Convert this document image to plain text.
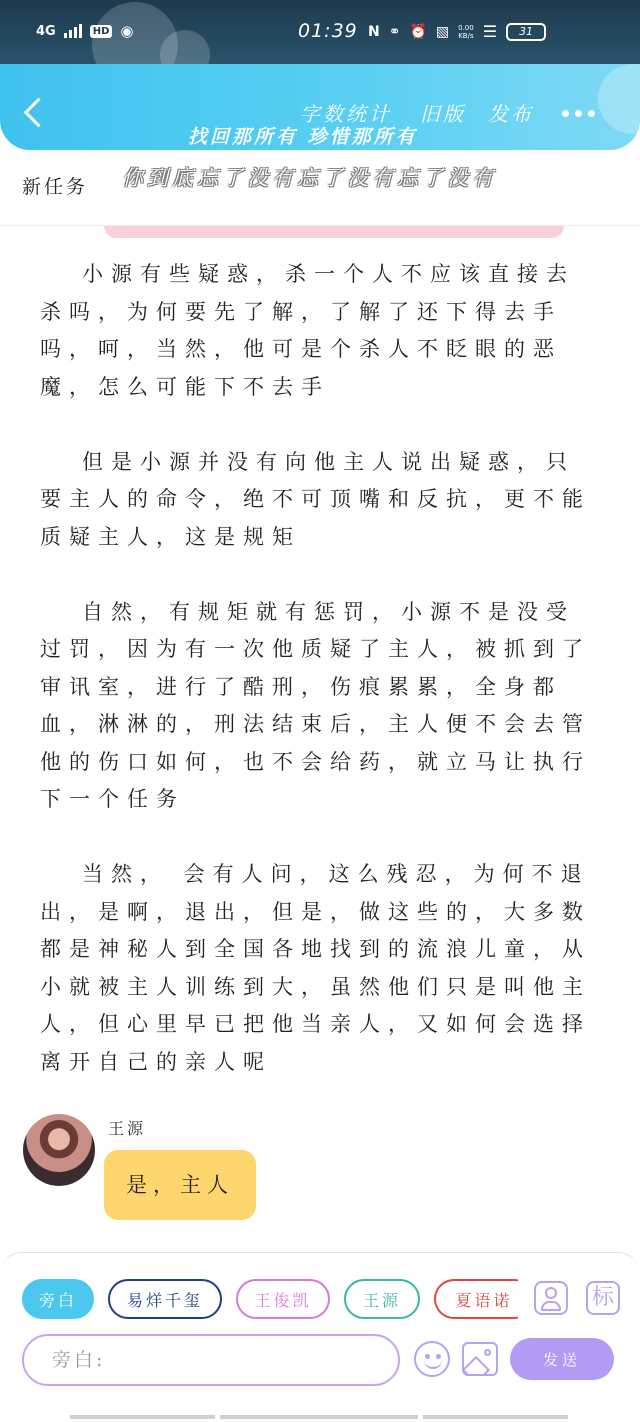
4G	HD ◉	01:39 N ⚭ ⏰ ▧ 0.00
KB/s ☰	31
字数统计 旧版 发布
找回那所有 珍惜那所有
新任务 你到底忘了没有忘了没有忘了没有

小源有些疑惑，杀一个人不应该直接去杀吗，为何要先了解，了解了还下得去手吗，呵，当然，他可是个杀人不眨眼的恶魔，怎么可能下不去手

但是小源并没有向他主人说出疑惑，只要主人的命令，绝不可顶嘴和反抗，更不能质疑主人，这是规矩

自然，有规矩就有惩罚，小源不是没受过罚，因为有一次他质疑了主人，被抓到了审讯室，进行了酷刑，伤痕累累，全身都血，淋淋的，刑法结束后，主人便不会去管他的伤口如何，也不会给药，就立马让执行下一个任务

当然， 会有人问，这么残忍，为何不退出，是啊，退出，但是，做这些的，大多数都是神秘人到全国各地找到的流浪儿童，从小就被主人训练到大，虽然他们只是叫他主人，但心里早已把他当亲人，又如何会选择离开自己的亲人呢

王源
是，主人
旁白	易烊千玺	王俊凯	王源	夏语诺	标
旁白:
发送
